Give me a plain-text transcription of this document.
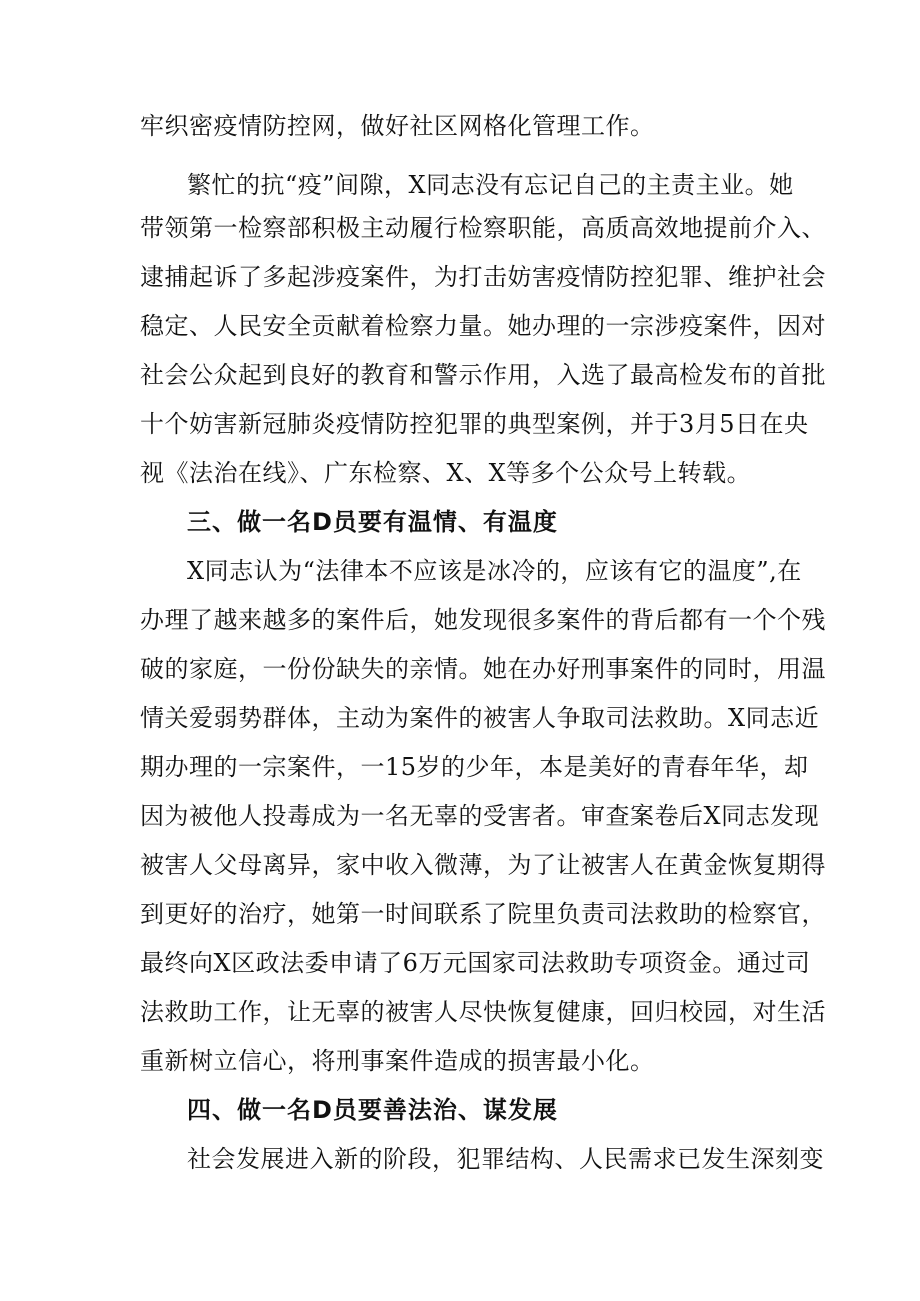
牢织密疫情防控网，做好社区网格化管理工作。
繁忙的抗“疫”间隙，X同志没有忘记自己的主责主业。她
带领第一检察部积极主动履行检察职能，高质高效地提前介入、
逮捕起诉了多起涉疫案件，为打击妨害疫情防控犯罪、维护社会
稳定、人民安全贡献着检察力量。她办理的一宗涉疫案件，因对
社会公众起到良好的教育和警示作用，入选了最高检发布的首批
十个妨害新冠肺炎疫情防控犯罪的典型案例，并于3月5日在央
视《法治在线》、广东检察、X、X等多个公众号上转载。
三、做一名D员要有温情、有温度
X同志认为“法律本不应该是冰冷的，应该有它的温度”,在
办理了越来越多的案件后，她发现很多案件的背后都有一个个残
破的家庭，一份份缺失的亲情。她在办好刑事案件的同时，用温
情关爱弱势群体，主动为案件的被害人争取司法救助。X同志近
期办理的一宗案件，一15岁的少年，本是美好的青春年华，却
因为被他人投毒成为一名无辜的受害者。审查案卷后X同志发现
被害人父母离异，家中收入微薄，为了让被害人在黄金恢复期得
到更好的治疗，她第一时间联系了院里负责司法救助的检察官，
最终向X区政法委申请了6万元国家司法救助专项资金。通过司
法救助工作，让无辜的被害人尽快恢复健康，回归校园，对生活
重新树立信心，将刑事案件造成的损害最小化。
四、做一名D员要善法治、谋发展
社会发展进入新的阶段，犯罪结构、人民需求已发生深刻变
